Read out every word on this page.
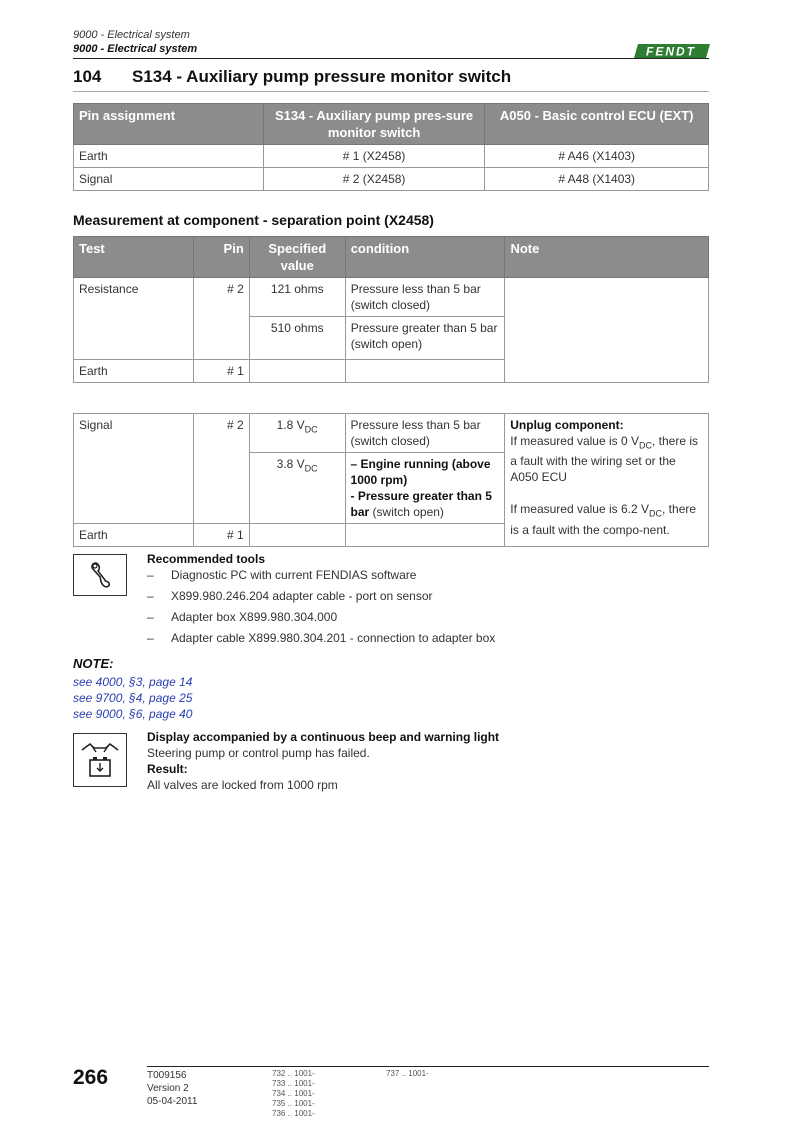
9000 - Electrical system
9000 - Electrical system	FENDT
104 S134 - Auxiliary pump pressure monitor switch
Pin assignment	S134 - Auxiliary pump pres-sure monitor switch	A050 - Basic control ECU (EXT)
Earth	# 1 (X2458)	# A46 (X1403)
Signal	# 2 (X2458)	# A48 (X1403)
Measurement at component - separation point (X2458)
Test	Pin	Specified value	condition	Note
Resistance	# 2	121 ohms	Pressure less than 5 bar (switch closed)	
		510 ohms	Pressure greater than 5 bar (switch open)	
Earth	# 1			
Signal	# 2	1.8 $V_{DC}$	Pressure less than 5 bar (switch closed)	Unplug component:
If measured value is 0 $V_{DC}$, there is a fault with the wiring set or the A050 ECU
If measured value is 6.2 $V_{DC}$, there is a fault with the compo-nent.

		3.8 $V_{DC}$	– Engine running (above 1000 rpm)
- Pressure greater than 5 bar (switch open)	

Earth	# 1			
Recommended tools
– Diagnostic PC with current FENDIAS software
– X899.980.246.204 adapter cable - port on sensor
– Adapter box X899.980.304.000
– Adapter cable X899.980.304.201 - connection to adapter box
NOTE:
see 4000, §3, page 14
see 9700, §4, page 25
see 9000, §6, page 40
Display accompanied by a continuous beep and warning light
Steering pump or control pump has failed.
Result:
All valves are locked from 1000 rpm
266	T009156
Version 2
05-04-2011
732 .. 1001-
733 .. 1001-
734 .. 1001-
735 .. 1001-
736 .. 1001-
737 .. 1001-
